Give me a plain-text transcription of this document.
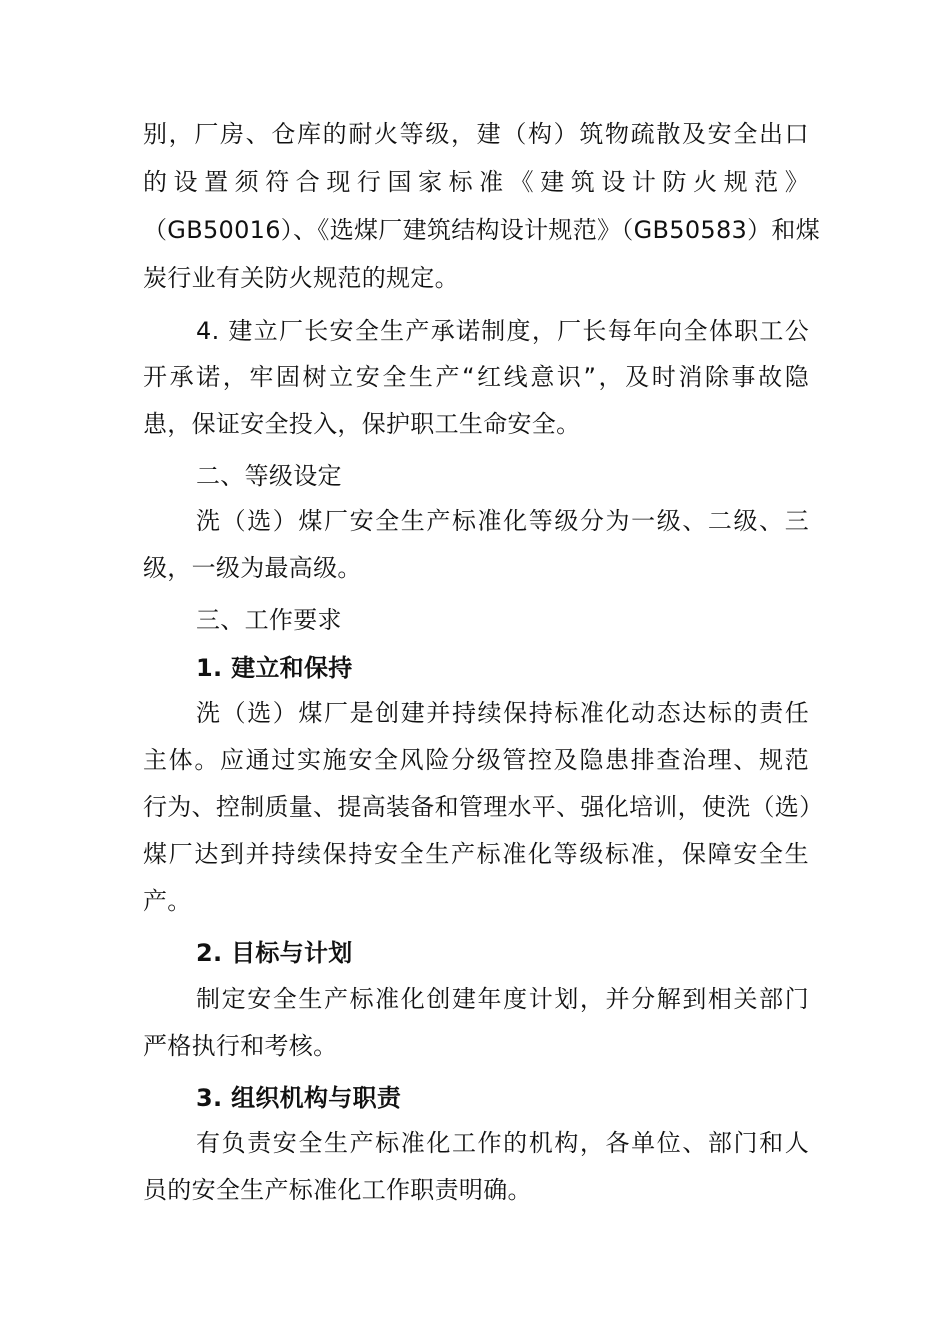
别，厂房、仓库的耐火等级，建（构）筑物疏散及安全出口
的设置须符合现行国家标准《建筑设计防火规范》
（GB50016）、《选煤厂建筑结构设计规范》（GB50583）和煤
炭行业有关防火规范的规定。
4. 建立厂长安全生产承诺制度，厂长每年向全体职工公
开承诺，牢固树立安全生产“红线意识”，及时消除事故隐
患，保证安全投入，保护职工生命安全。
二、等级设定
洗（选）煤厂安全生产标准化等级分为一级、二级、三
级，一级为最高级。
三、工作要求
1. 建立和保持
洗（选）煤厂是创建并持续保持标准化动态达标的责任
主体。应通过实施安全风险分级管控及隐患排查治理、规范
行为、控制质量、提高装备和管理水平、强化培训，使洗（选）
煤厂达到并持续保持安全生产标准化等级标准，保障安全生
产。
2. 目标与计划
制定安全生产标准化创建年度计划，并分解到相关部门
严格执行和考核。
3. 组织机构与职责
有负责安全生产标准化工作的机构，各单位、部门和人
员的安全生产标准化工作职责明确。
